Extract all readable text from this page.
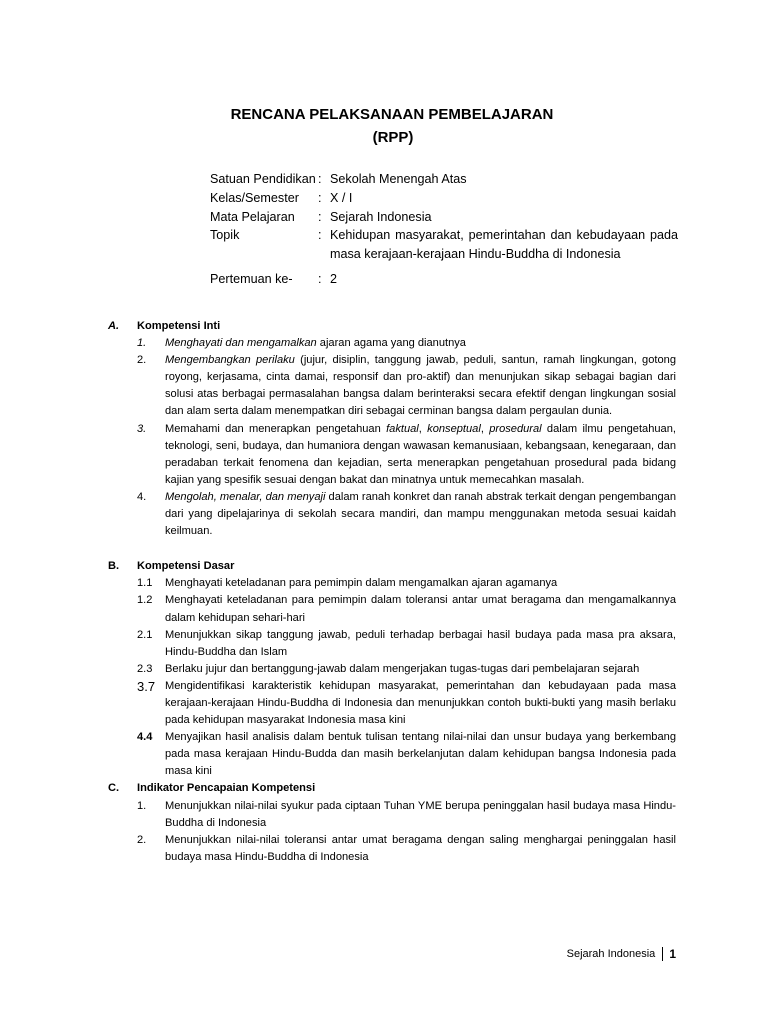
RENCANA PELAKSANAAN PEMBELAJARAN
(RPP)
Satuan Pendidikan : Sekolah Menengah Atas
Kelas/Semester	: X / I
Mata Pelajaran	: Sejarah Indonesia
Topik	: Kehidupan masyarakat, pemerintahan dan kebudayaan pada masa kerajaan-kerajaan Hindu-Buddha di Indonesia
Pertemuan ke-	: 2
A.	Kompetensi Inti
1.	Menghayati dan mengamalkan ajaran agama yang dianutnya
2.	Mengembangkan perilaku (jujur, disiplin, tanggung jawab, peduli, santun, ramah lingkungan, gotong royong, kerjasama, cinta damai, responsif dan pro-aktif) dan menunjukan sikap sebagai bagian dari solusi atas berbagai permasalahan bangsa dalam berinteraksi secara efektif dengan lingkungan sosial dan alam serta dalam menempatkan diri sebagai cerminan bangsa dalam pergaulan dunia.
3.	Memahami dan menerapkan pengetahuan faktual, konseptual, prosedural dalam ilmu pengetahuan, teknologi, seni, budaya, dan humaniora dengan wawasan kemanusiaan, kebangsaan, kenegaraan, dan peradaban terkait fenomena dan kejadian, serta menerapkan pengetahuan prosedural pada bidang kajian yang spesifik sesuai dengan bakat dan minatnya untuk memecahkan masalah.
4.	Mengolah, menalar, dan menyaji dalam ranah konkret dan ranah abstrak terkait dengan pengembangan dari yang dipelajarinya di sekolah secara mandiri, dan mampu menggunakan metoda sesuai kaidah keilmuan.
B.	Kompetensi Dasar
1.1	Menghayati keteladanan para pemimpin dalam mengamalkan ajaran agamanya
1.2	Menghayati keteladanan para pemimpin dalam toleransi antar umat beragama dan mengamalkannya dalam kehidupan sehari-hari
2.1	Menunjukkan sikap tanggung jawab, peduli terhadap berbagai hasil budaya pada masa pra aksara, Hindu-Buddha dan Islam
2.3	Berlaku jujur dan bertanggung-jawab dalam mengerjakan tugas-tugas dari pembelajaran sejarah
3.7 Mengidentifikasi karakteristik kehidupan masyarakat, pemerintahan dan kebudayaan pada masa kerajaan-kerajaan Hindu-Buddha di Indonesia dan menunjukkan contoh bukti-bukti yang masih berlaku pada kehidupan masyarakat Indonesia masa kini
4.4	Menyajikan hasil analisis dalam bentuk tulisan tentang nilai-nilai dan unsur budaya yang berkembang pada masa kerajaan Hindu-Budda dan masih berkelanjutan dalam kehidupan bangsa Indonesia pada masa kini
C.	Indikator Pencapaian Kompetensi
1.	Menunjukkan nilai-nilai syukur pada ciptaan Tuhan YME berupa peninggalan hasil budaya masa Hindu-Buddha di Indonesia
2.	Menunjukkan nilai-nilai toleransi antar umat beragama dengan saling menghargai peninggalan hasil budaya masa Hindu-Buddha di Indonesia
Sejarah Indonesia 1
